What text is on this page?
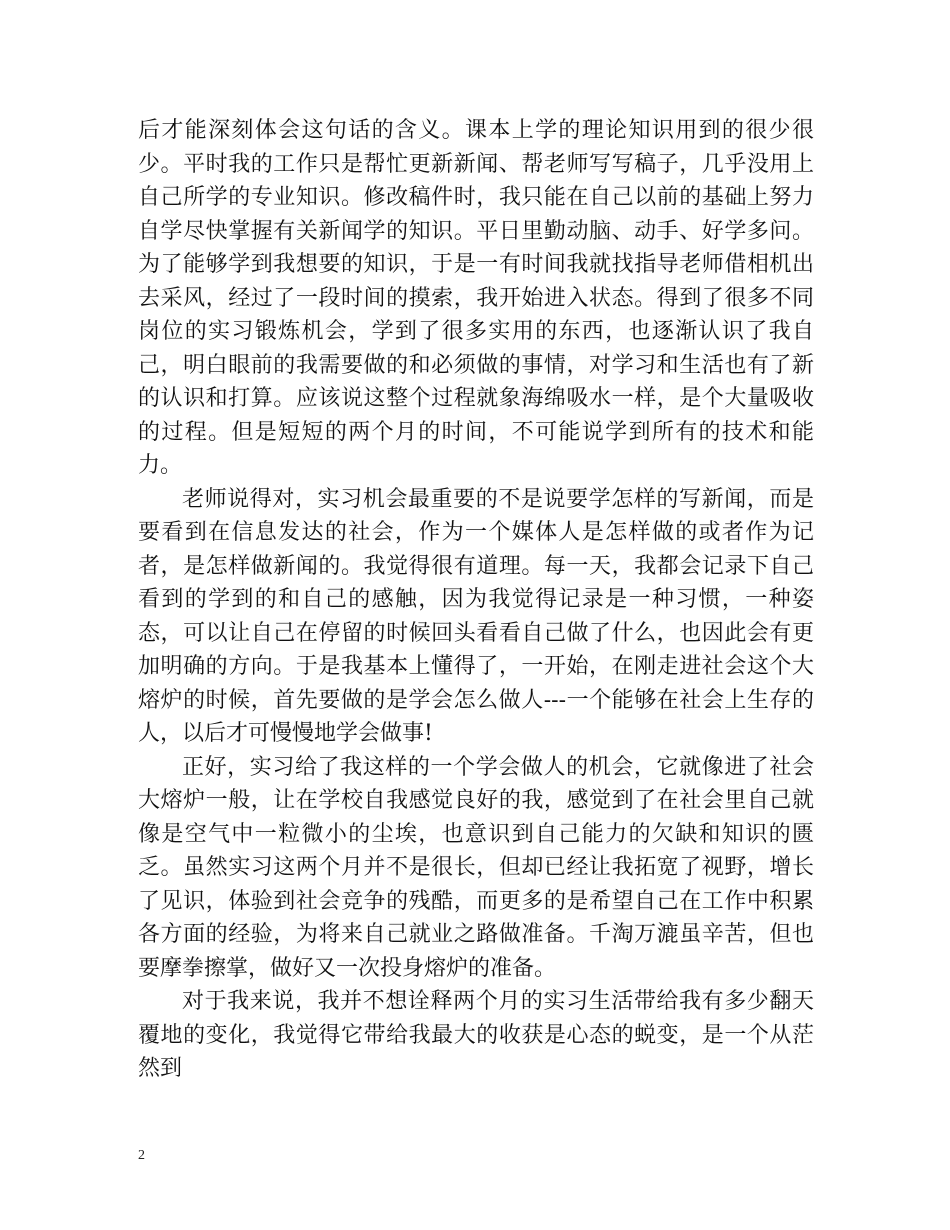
后才能深刻体会这句话的含义。课本上学的理论知识用到的很少很少。平时我的工作只是帮忙更新新闻、帮老师写写稿子，几乎没用上自己所学的专业知识。修改稿件时，我只能在自己以前的基础上努力自学尽快掌握有关新闻学的知识。平日里勤动脑、动手、好学多问。为了能够学到我想要的知识，于是一有时间我就找指导老师借相机出去采风，经过了一段时间的摸索，我开始进入状态。得到了很多不同岗位的实习锻炼机会，学到了很多实用的东西，也逐渐认识了我自己，明白眼前的我需要做的和必须做的事情，对学习和生活也有了新的认识和打算。应该说这整个过程就象海绵吸水一样，是个大量吸收的过程。但是短短的两个月的时间，不可能说学到所有的技术和能力。

老师说得对，实习机会最重要的不是说要学怎样的写新闻，而是要看到在信息发达的社会，作为一个媒体人是怎样做的或者作为记者，是怎样做新闻的。我觉得很有道理。每一天，我都会记录下自己看到的学到的和自己的感触，因为我觉得记录是一种习惯，一种姿态，可以让自己在停留的时候回头看看自己做了什么，也因此会有更加明确的方向。于是我基本上懂得了，一开始，在刚走进社会这个大熔炉的时候，首先要做的是学会怎么做人---一个能够在社会上生存的人，以后才可慢慢地学会做事!

正好，实习给了我这样的一个学会做人的机会，它就像进了社会大熔炉一般，让在学校自我感觉良好的我，感觉到了在社会里自己就像是空气中一粒微小的尘埃，也意识到自己能力的欠缺和知识的匮乏。虽然实习这两个月并不是很长，但却已经让我拓宽了视野，增长了见识，体验到社会竞争的残酷，而更多的是希望自己在工作中积累各方面的经验，为将来自己就业之路做准备。千淘万漉虽辛苦，但也要摩拳擦掌，做好又一次投身熔炉的准备。

对于我来说，我并不想诠释两个月的实习生活带给我有多少翻天覆地的变化，我觉得它带给我最大的收获是心态的蜕变，是一个从茫然到

2
